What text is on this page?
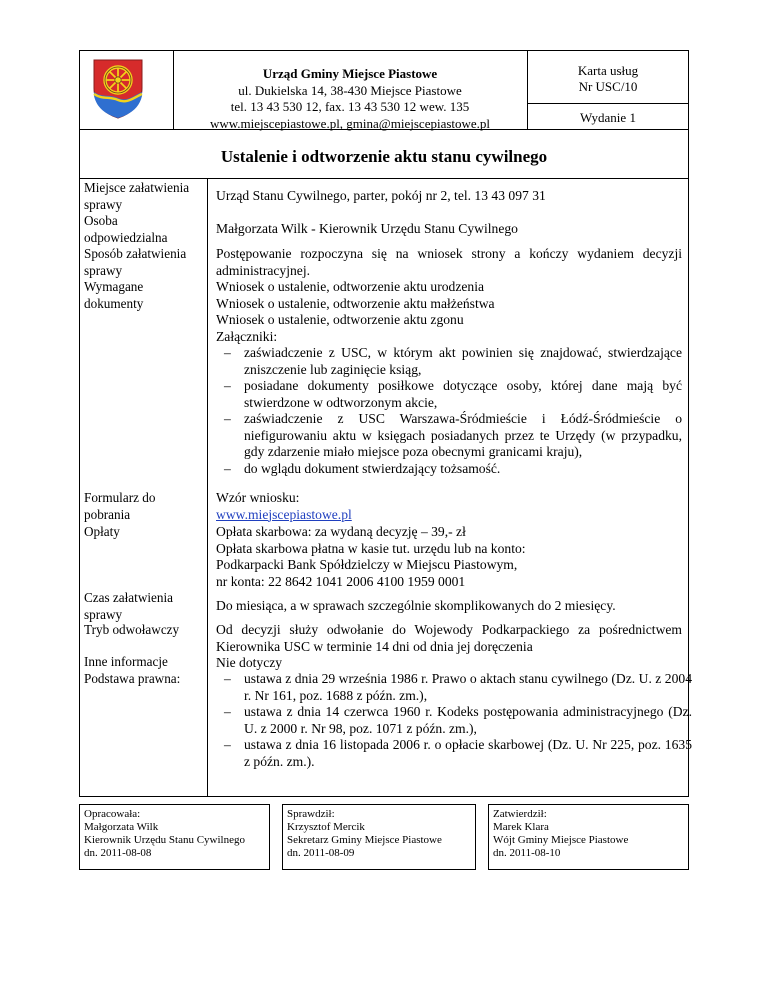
Urząd Gminy Miejsce Piastowe
ul. Dukielska 14, 38-430 Miejsce Piastowe
tel. 13 43 530 12, fax. 13 43 530 12 wew. 135
www.miejscepiastowe.pl, gmina@miejscepiastowe.pl
Karta usług
Nr USC/10
Wydanie 1
Ustalenie i odtworzenie aktu stanu cywilnego
Miejsce załatwienia sprawy
Osoba odpowiedzialna
Sposób załatwienia sprawy
Wymagane dokumenty
Formularz do pobrania
Opłaty
Czas załatwienia sprawy
Tryb odwoławczy
Inne informacje
Podstawa prawna:
Urząd Stanu Cywilnego, parter, pokój nr 2, tel. 13 43 097 31
Małgorzata Wilk - Kierownik Urzędu Stanu Cywilnego
Postępowanie rozpoczyna się na wniosek strony a kończy wydaniem decyzji administracyjnej.
Wniosek o ustalenie, odtworzenie aktu urodzenia
Wniosek o ustalenie, odtworzenie aktu małżeństwa
Wniosek o ustalenie, odtworzenie aktu zgonu
Załączniki:
– zaświadczenie z USC, w którym akt powinien się znajdować, stwierdzające zniszczenie lub zaginięcie ksiąg,
– posiadane dokumenty posiłkowe dotyczące osoby, której dane mają być stwierdzone w odtworzonym akcie,
– zaświadczenie z USC Warszawa-Śródmieście i Łódź-Śródmieście o niefigurowaniu aktu w księgach posiadanych przez te Urzędy (w przypadku, gdy zdarzenie miało miejsce poza obecnymi granicami kraju),
– do wglądu dokument stwierdzający tożsamość.
Wzór wniosku:
www.miejscepiastowe.pl
Opłata skarbowa: za wydaną decyzję – 39,- zł
Opłata skarbowa płatna w kasie tut. urzędu lub na konto:
Podkarpacki Bank Spółdzielczy w Miejscu Piastowym,
nr konta: 22 8642 1041 2006 4100 1959 0001
Do miesiąca, a w sprawach szczególnie skomplikowanych do 2 miesięcy.
Od decyzji służy odwołanie do Wojewody Podkarpackiego za pośrednictwem Kierownika USC w terminie 14 dni od dnia jej doręczenia
Nie dotyczy
– ustawa z dnia 29 września 1986 r. Prawo o aktach stanu cywilnego (Dz. U. z 2004 r. Nr 161, poz. 1688 z późn. zm.),
– ustawa z dnia 14 czerwca 1960 r. Kodeks postępowania administracyjnego (Dz. U. z 2000 r. Nr 98, poz. 1071 z późn. zm.),
– ustawa z dnia 16 listopada 2006 r. o opłacie skarbowej (Dz. U. Nr 225, poz. 1635 z późn. zm.).
Opracowała:
Małgorzata Wilk
Kierownik Urzędu Stanu Cywilnego
dn. 2011-08-08
Sprawdził:
Krzysztof Mercik
Sekretarz Gminy Miejsce Piastowe
dn. 2011-08-09
Zatwierdził:
Marek Klara
Wójt Gminy Miejsce Piastowe
dn. 2011-08-10
